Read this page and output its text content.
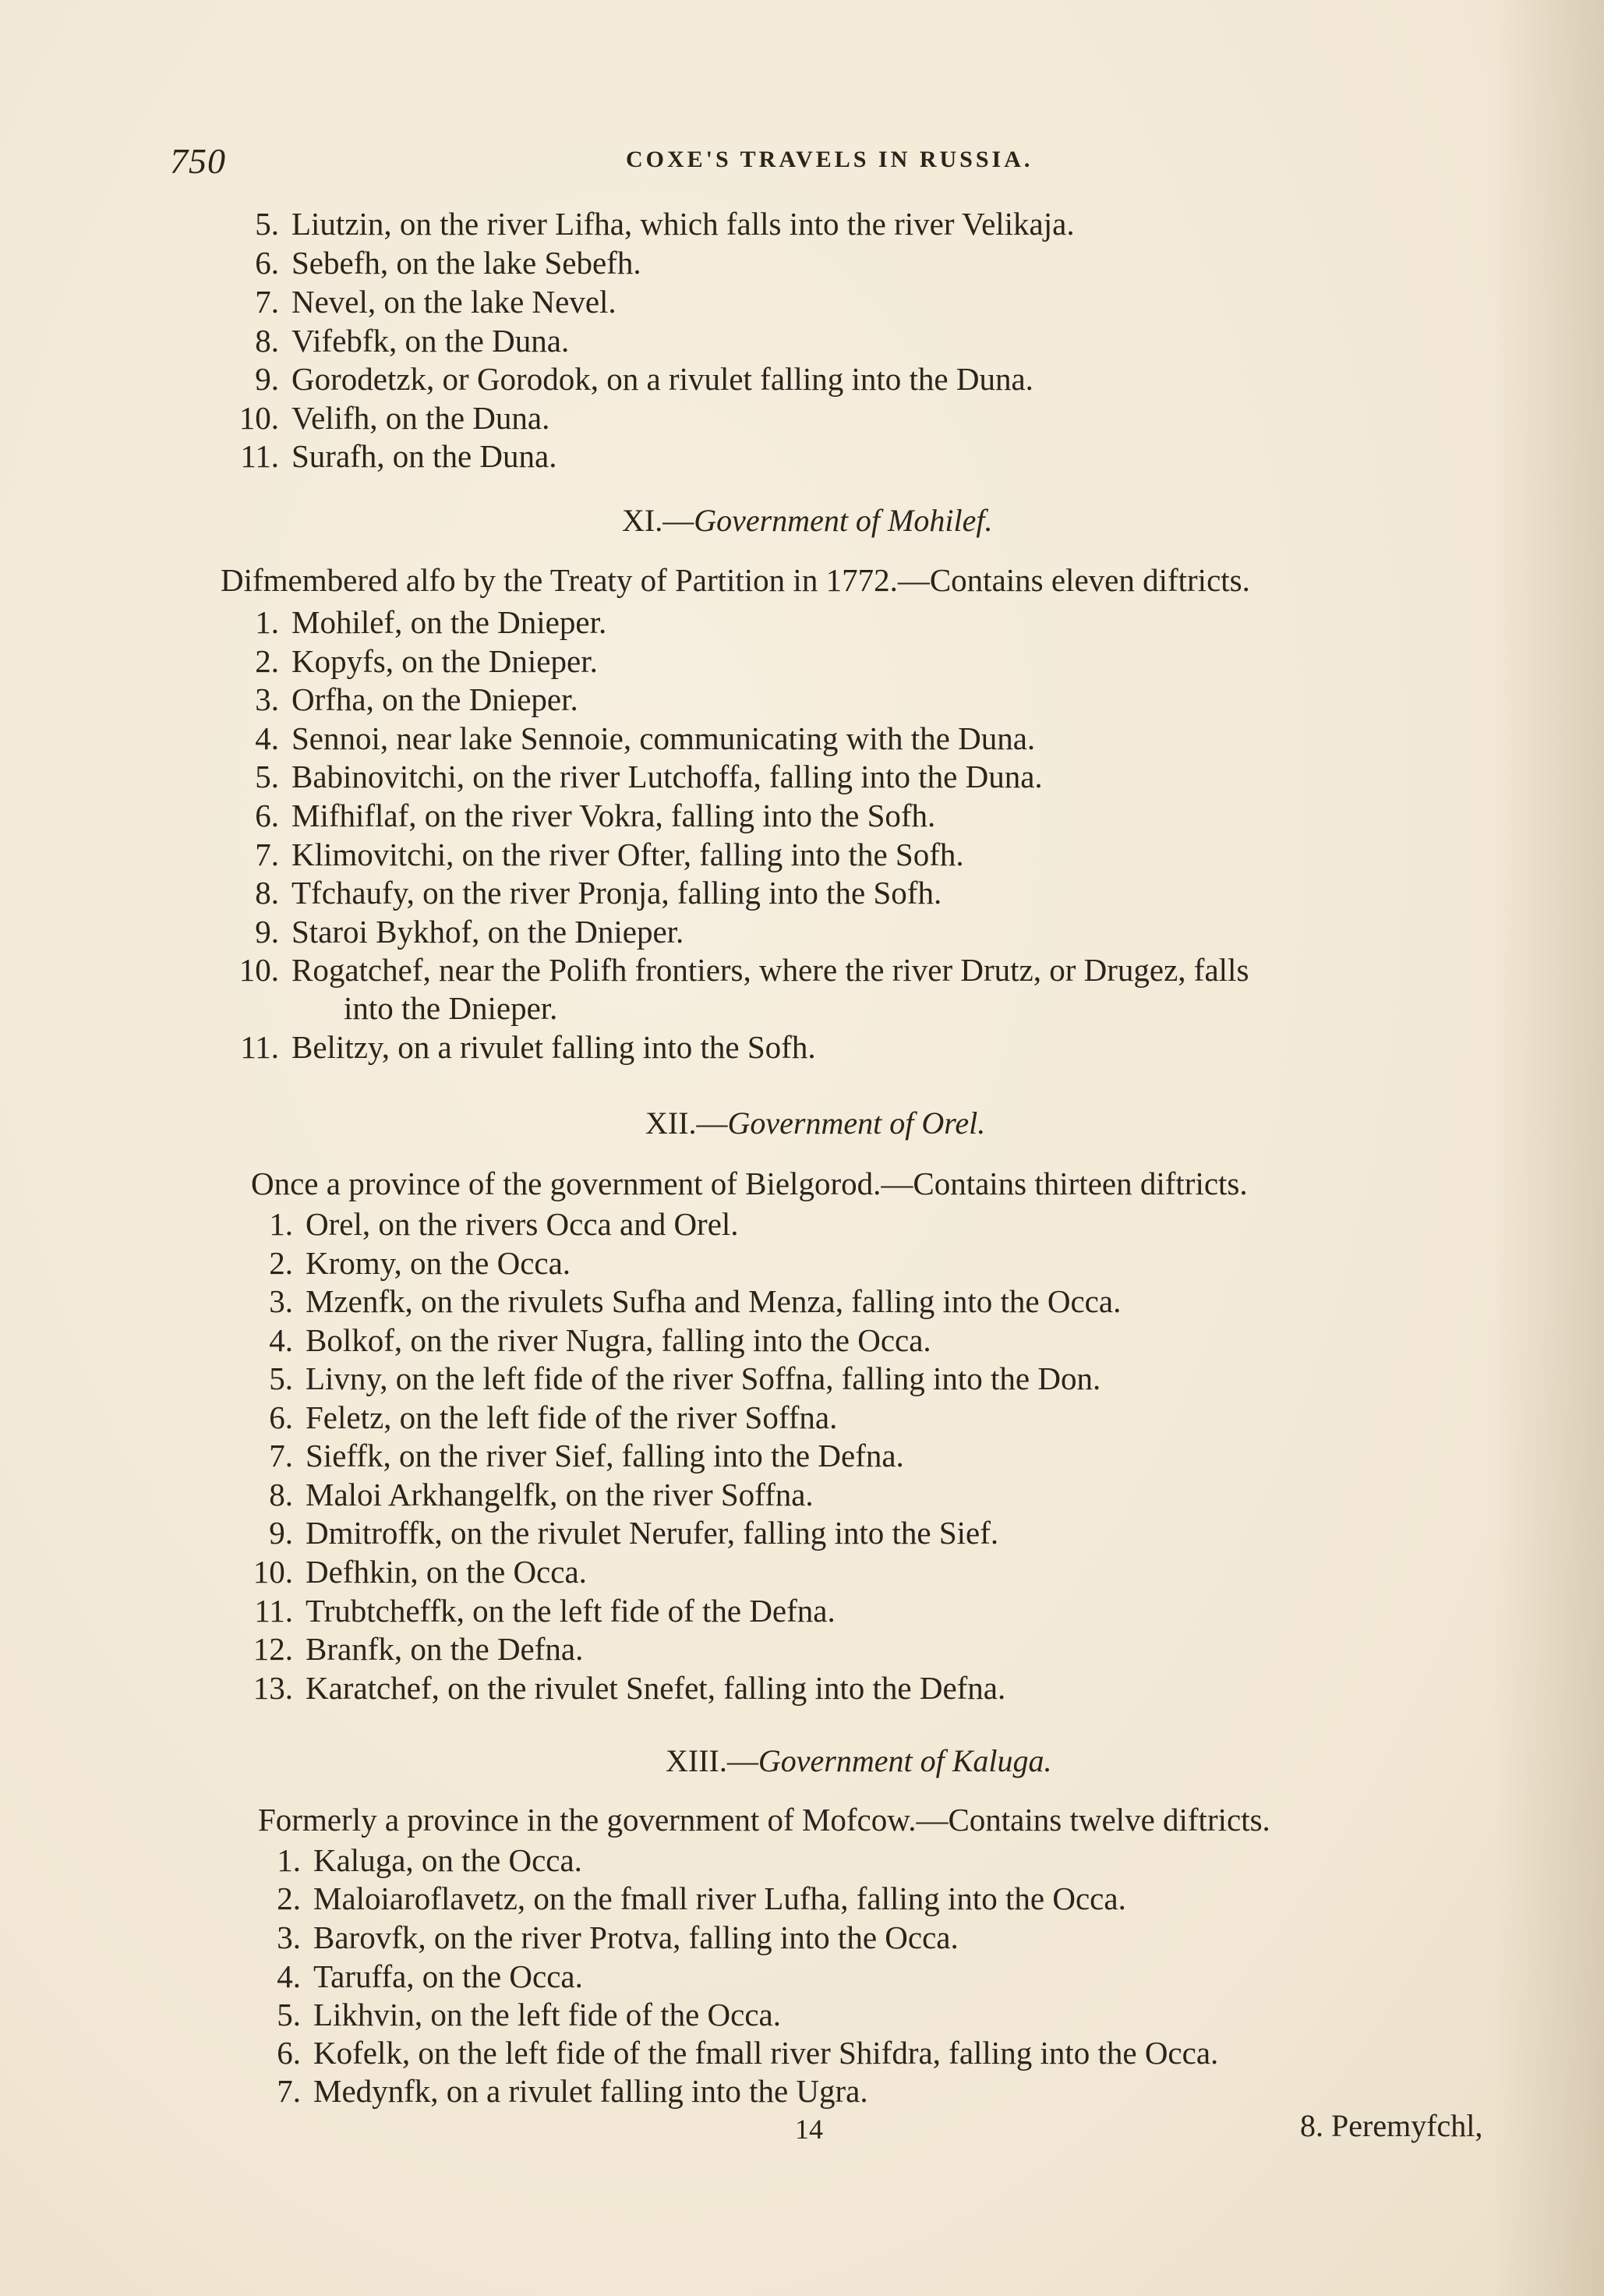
750	COXE'S TRAVELS IN RUSSIA.
5. Liutzin, on the river Lifha, which falls into the river Velikaja.
6. Sebefh, on the lake Sebefh.
7. Nevel, on the lake Nevel.
8. Vifebfk, on the Duna.
9. Gorodetzk, or Gorodok, on a rivulet falling into the Duna.
10. Velifh, on the Duna.
11. Surafh, on the Duna.
XI.—Government of Mohilef.
Difmembered alfo by the Treaty of Partition in 1772.—Contains eleven diftricts.
1. Mohilef, on the Dnieper.
2. Kopyfs, on the Dnieper.
3. Orfha, on the Dnieper.
4. Sennoi, near lake Sennoie, communicating with the Duna.
5. Babinovitchi, on the river Lutchoffa, falling into the Duna.
6. Mifhiflaf, on the river Vokra, falling into the Sofh.
7. Klimovitchi, on the river Ofter, falling into the Sofh.
8. Tfchaufy, on the river Pronja, falling into the Sofh.
9. Staroi Bykhof, on the Dnieper.
10. Rogatchef, near the Polifh frontiers, where the river Drutz, or Drugez, falls
into the Dnieper.
11. Belitzy, on a rivulet falling into the Sofh.
XII.—Government of Orel.
Once a province of the government of Bielgorod.—Contains thirteen diftricts.
1. Orel, on the rivers Occa and Orel.
2. Kromy, on the Occa.
3. Mzenfk, on the rivulets Sufha and Menza, falling into the Occa.
4. Bolkof, on the river Nugra, falling into the Occa.
5. Livny, on the left fide of the river Soffna, falling into the Don.
6. Feletz, on the left fide of the river Soffna.
7. Sieffk, on the river Sief, falling into the Defna.
8. Maloi Arkhangelfk, on the river Soffna.
9. Dmitroffk, on the rivulet Nerufer, falling into the Sief.
10. Defhkin, on the Occa.
11. Trubtcheffk, on the left fide of the Defna.
12. Branfk, on the Defna.
13. Karatchef, on the rivulet Snefet, falling into the Defna.
XIII.—Government of Kaluga.
Formerly a province in the government of Mofcow.—Contains twelve diftricts.
1. Kaluga, on the Occa.
2. Maloiaroflavetz, on the fmall river Lufha, falling into the Occa.
3. Barovfk, on the river Protva, falling into the Occa.
4. Taruffa, on the Occa.
5. Likhvin, on the left fide of the Occa.
6. Kofelk, on the left fide of the fmall river Shifdra, falling into the Occa.
7. Medynfk, on a rivulet falling into the Ugra.
14	8. Peremyfchl,
